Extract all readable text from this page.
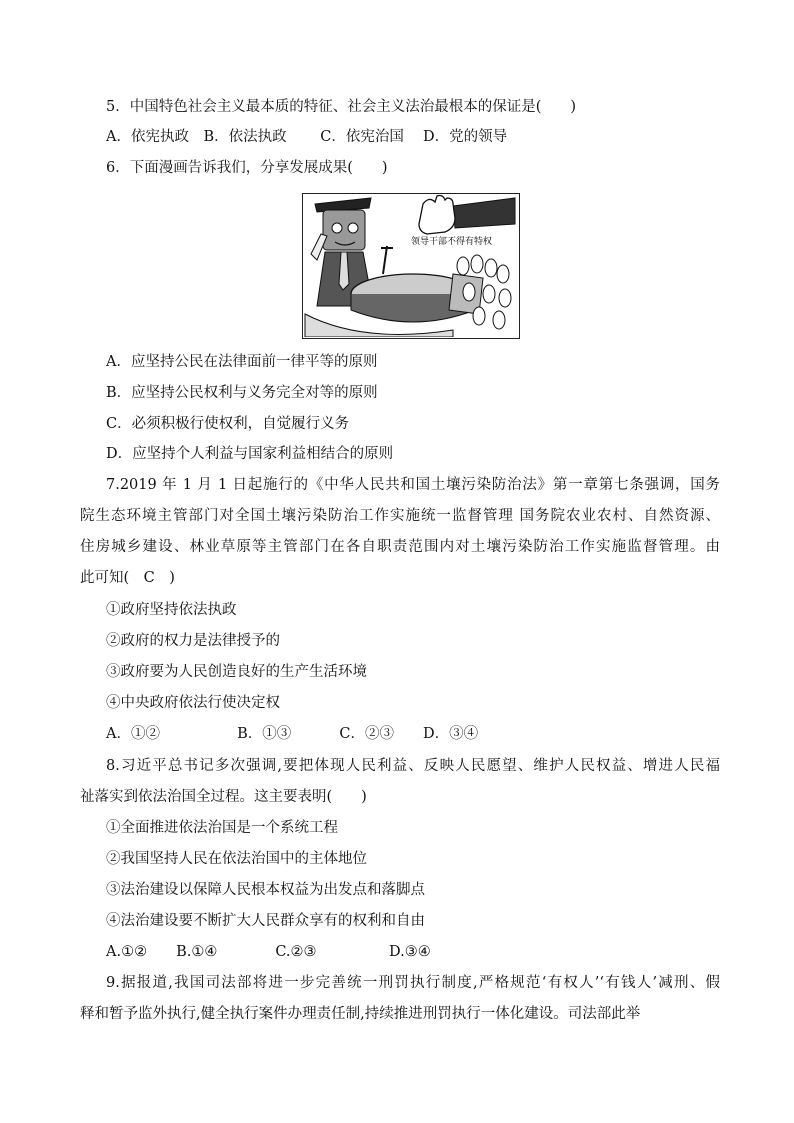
5．中国特色社会主义最本质的特征、社会主义法治最根本的保证是(　　)
A．依宪执政　B．依法执政　　 C．依宪治国　 D．党的领导
6．下面漫画告诉我们，分享发展成果(　　)
领导干部不得有特权
A．应坚持公民在法律面前一律平等的原则
B．应坚持公民权利与义务完全对等的原则
C．必须积极行使权利，自觉履行义务
D．应坚持个人利益与国家利益相结合的原则
7.2019 年 1 月 1 日起施行的《中华人民共和国土壤污染防治法》第一章第七条强调，国务
院生态环境主管部门对全国土壤污染防治工作实施统一监督管理 国务院农业农村、自然资源、
住房城乡建设、林业草原等主管部门在各自职责范围内对土壤污染防治工作实施监督管理。由
此可知(　C　)
①政府坚持依法执政
②政府的权力是法律授予的
③政府要为人民创造良好的生产生活环境
④中央政府依法行使决定权
A．①②　　　　　 B．①③　　　 C．②③　　D．③④
8.习近平总书记多次强调,要把体现人民利益、反映人民愿望、维护人民权益、增进人民福
祉落实到依法治国全过程。这主要表明(　　)
①全面推进依法治国是一个系统工程
②我国坚持人民在依法治国中的主体地位
③法治建设以保障人民根本权益为出发点和落脚点
④法治建设要不断扩大人民群众享有的权利和自由
A.①②　　B.①④　　　　C.②③　　　　　D.③④
9.据报道,我国司法部将进一步完善统一刑罚执行制度,严格规范‘有权人’‘有钱人’减刑、假
释和暂予监外执行,健全执行案件办理责任制,持续推进刑罚执行一体化建设。司法部此举
